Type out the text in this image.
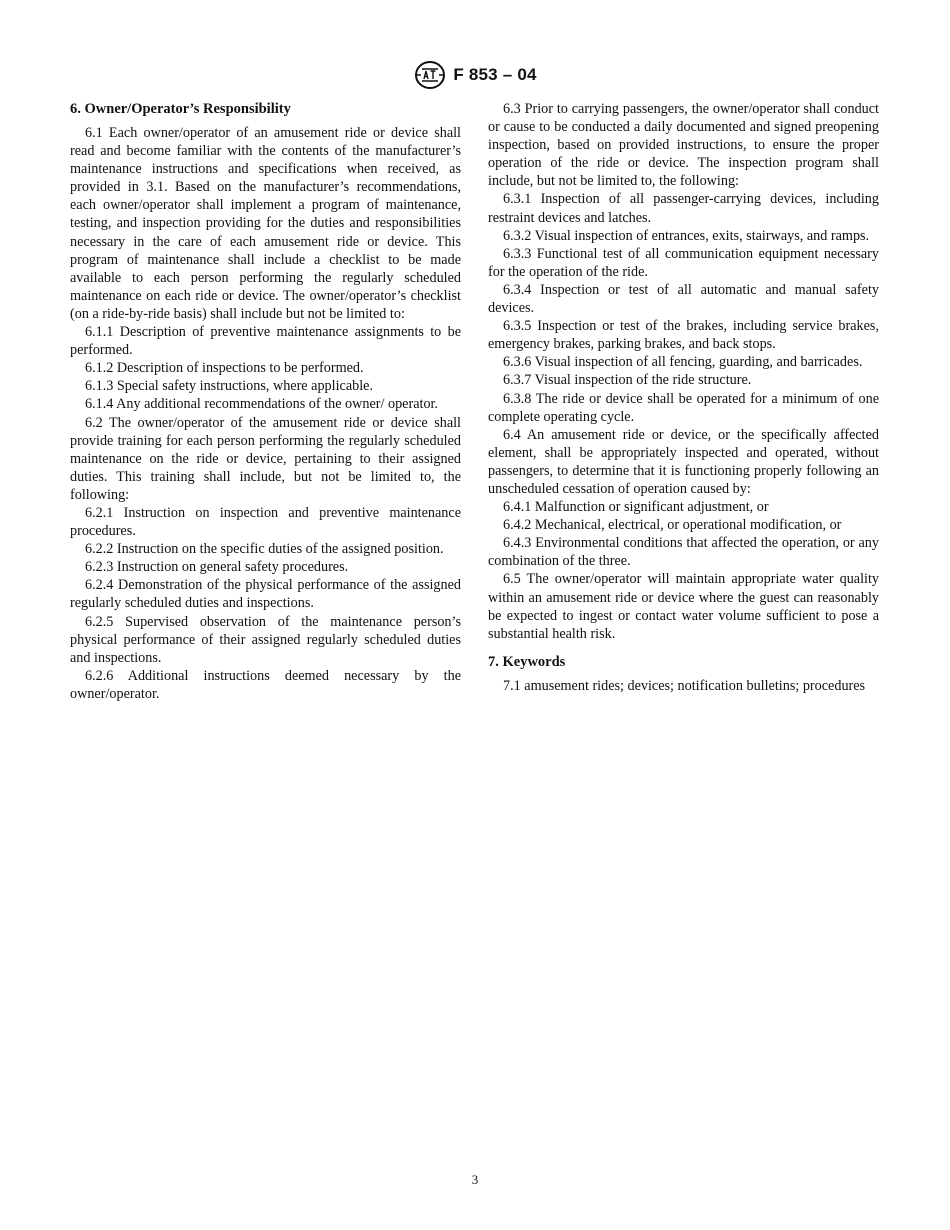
F 853 – 04
6. Owner/Operator’s Responsibility

6.1 Each owner/operator of an amusement ride or device shall read and become familiar with the contents of the manufacturer’s maintenance instructions and specifications when received, as provided in 3.1. Based on the manufacturer’s recommendations, each owner/operator shall implement a program of maintenance, testing, and inspection providing for the duties and responsibilities necessary in the care of each amusement ride or device. This program of maintenance shall include a checklist to be made available to each person performing the regularly scheduled maintenance on each ride or device. The owner/operator’s checklist (on a ride-by-ride basis) shall include but not be limited to:

6.1.1 Description of preventive maintenance assignments to be performed.

6.1.2 Description of inspections to be performed.

6.1.3 Special safety instructions, where applicable.

6.1.4 Any additional recommendations of the owner/ operator.

6.2 The owner/operator of the amusement ride or device shall provide training for each person performing the regularly scheduled maintenance on the ride or device, pertaining to their assigned duties. This training shall include, but not be limited to, the following:

6.2.1 Instruction on inspection and preventive maintenance procedures.

6.2.2 Instruction on the specific duties of the assigned position.

6.2.3 Instruction on general safety procedures.

6.2.4 Demonstration of the physical performance of the assigned regularly scheduled duties and inspections.

6.2.5 Supervised observation of the maintenance person’s physical performance of their assigned regularly scheduled duties and inspections.

6.2.6 Additional instructions deemed necessary by the owner/operator.

6.3 Prior to carrying passengers, the owner/operator shall conduct or cause to be conducted a daily documented and signed preopening inspection, based on provided instructions, to ensure the proper operation of the ride or device. The inspection program shall include, but not be limited to, the following:

6.3.1 Inspection of all passenger-carrying devices, including restraint devices and latches.

6.3.2 Visual inspection of entrances, exits, stairways, and ramps.

6.3.3 Functional test of all communication equipment necessary for the operation of the ride.

6.3.4 Inspection or test of all automatic and manual safety devices.

6.3.5 Inspection or test of the brakes, including service brakes, emergency brakes, parking brakes, and back stops.

6.3.6 Visual inspection of all fencing, guarding, and barricades.

6.3.7 Visual inspection of the ride structure.

6.3.8 The ride or device shall be operated for a minimum of one complete operating cycle.

6.4 An amusement ride or device, or the specifically affected element, shall be appropriately inspected and operated, without passengers, to determine that it is functioning properly following an unscheduled cessation of operation caused by:

6.4.1 Malfunction or significant adjustment, or

6.4.2 Mechanical, electrical, or operational modification, or

6.4.3 Environmental conditions that affected the operation, or any combination of the three.

6.5 The owner/operator will maintain appropriate water quality within an amusement ride or device where the guest can reasonably be expected to ingest or contact water volume sufficient to pose a substantial health risk.

7. Keywords

7.1 amusement rides; devices; notification bulletins; procedures

3
